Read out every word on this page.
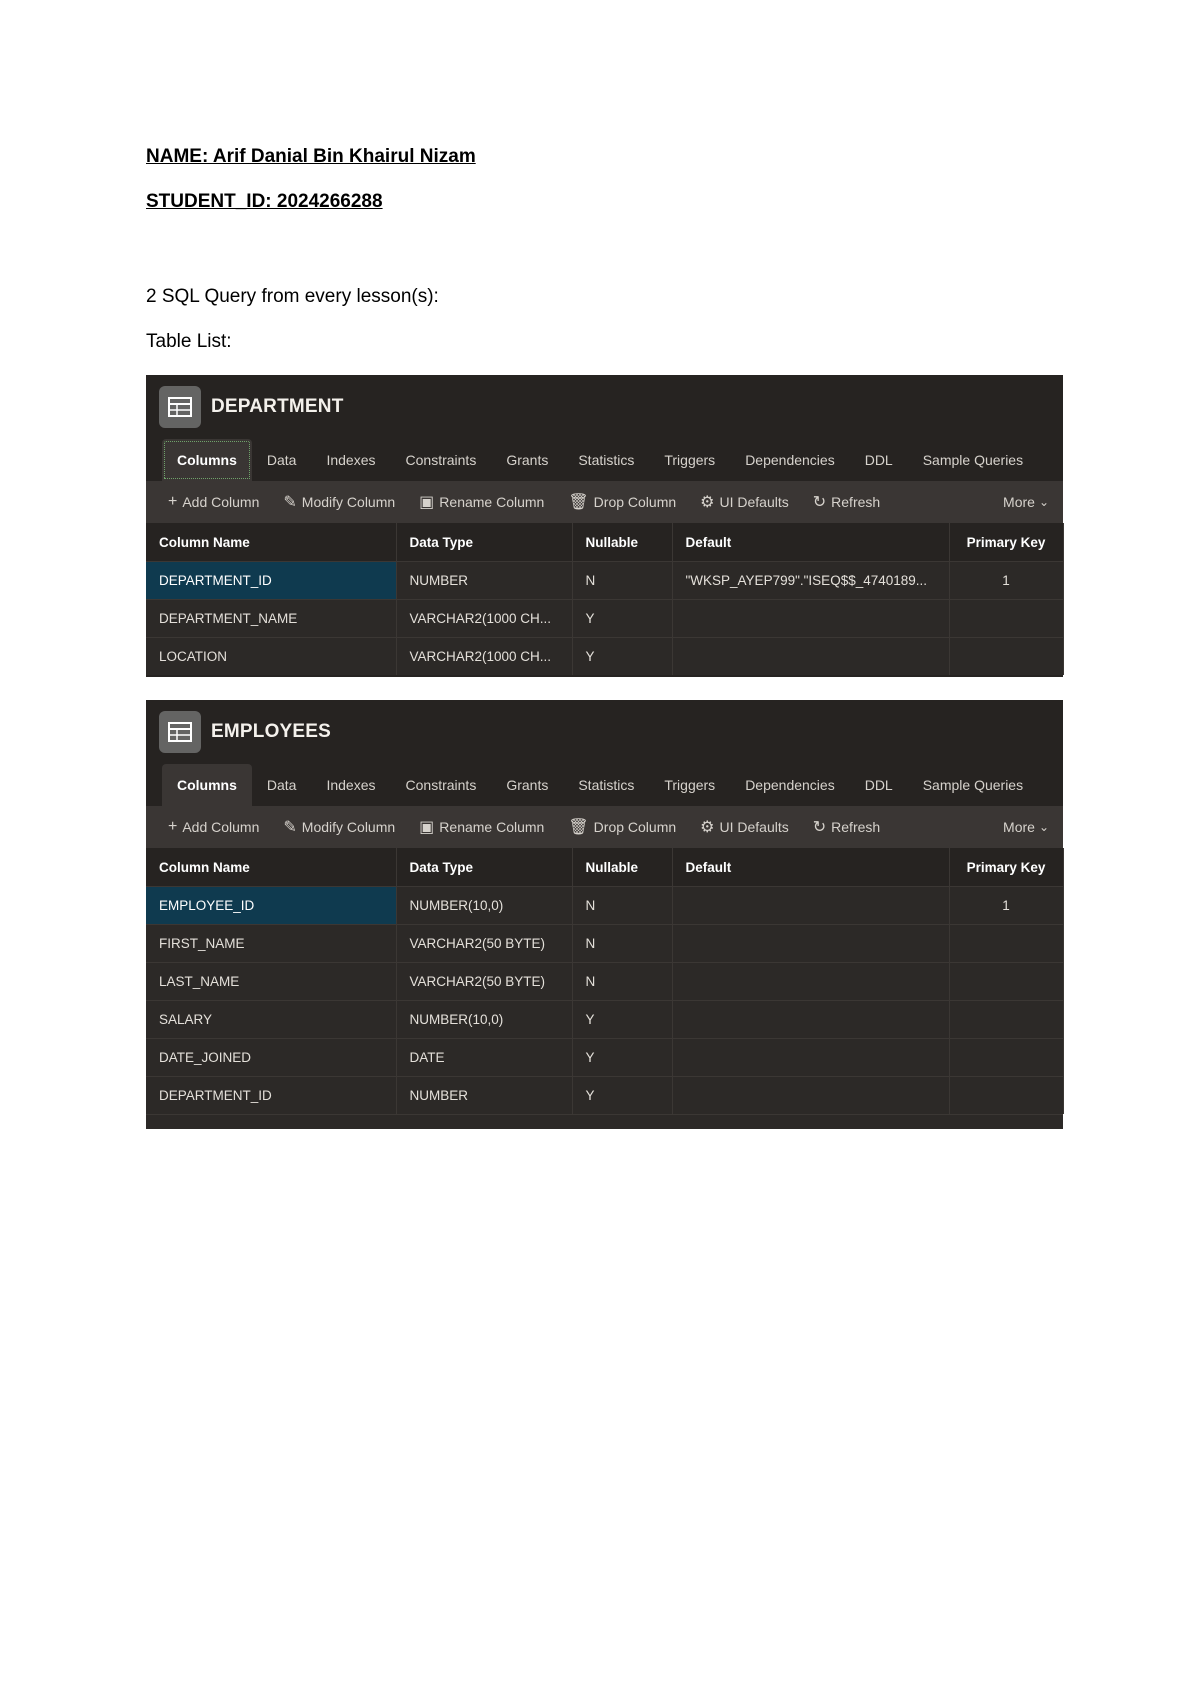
NAME: Arif Danial Bin Khairul Nizam
STUDENT_ID: 2024266288
2 SQL Query from every lesson(s):
Table List:
DEPARTMENT
Columns	Data	Indexes	Constraints	Grants	Statistics	Triggers	Dependencies	DDL	Sample Queries
+ Add Column ✎ Modify Column ▣ Rename Column 🗑 Drop Column ⚙ UI Defaults ↻ Refresh	More ⌄
Column Name	Data Type	Nullable	Default	Primary Key
DEPARTMENT_ID	NUMBER	N	"WKSP_AYEP799"."ISEQ$$_4740189...	1
DEPARTMENT_NAME	VARCHAR2(1000 CH...	Y		
LOCATION	VARCHAR2(1000 CH...	Y		
EMPLOYEES
Columns	Data	Indexes	Constraints	Grants	Statistics	Triggers	Dependencies	DDL	Sample Queries
+ Add Column ✎ Modify Column ▣ Rename Column 🗑 Drop Column ⚙ UI Defaults ↻ Refresh	More ⌄
Column Name	Data Type	Nullable	Default	Primary Key
EMPLOYEE_ID	NUMBER(10,0)	N		1
FIRST_NAME	VARCHAR2(50 BYTE)	N		
LAST_NAME	VARCHAR2(50 BYTE)	N		
SALARY	NUMBER(10,0)	Y		
DATE_JOINED	DATE	Y		
DEPARTMENT_ID	NUMBER	Y		
